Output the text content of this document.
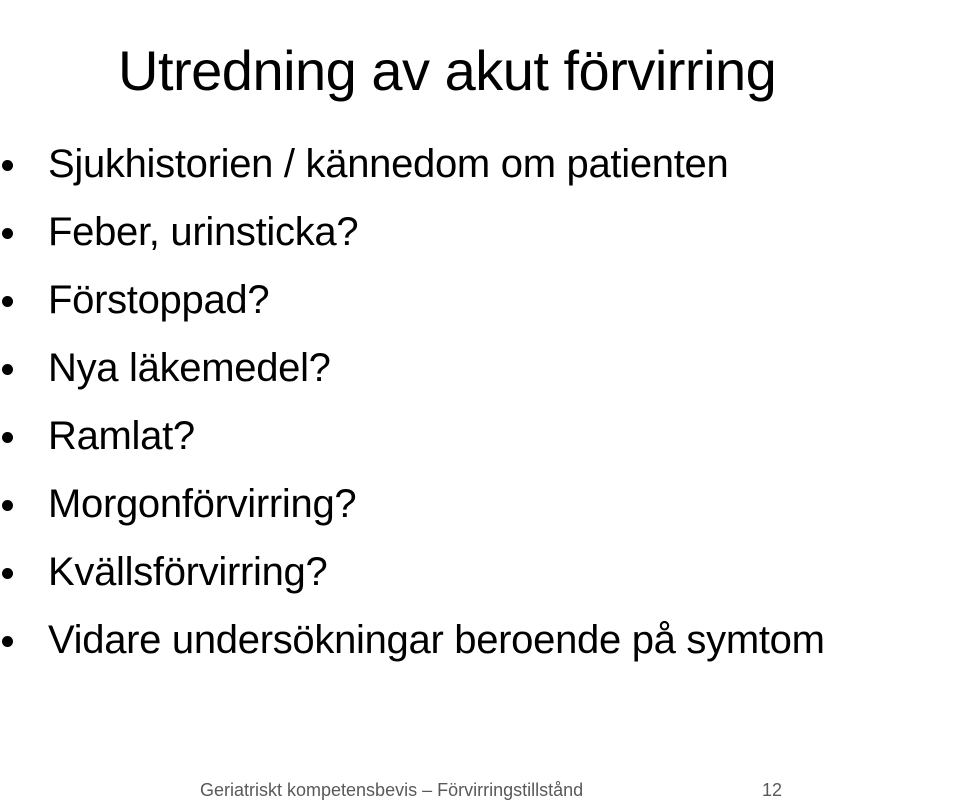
Utredning av akut förvirring
Sjukhistorien / kännedom om patienten
Feber, urinsticka?
Förstoppad?
Nya läkemedel?
Ramlat?
Morgonförvirring?
Kvällsförvirring?
Vidare undersökningar beroende på symtom
Geriatriskt kompetensbevis – Förvirringstillstånd	12
